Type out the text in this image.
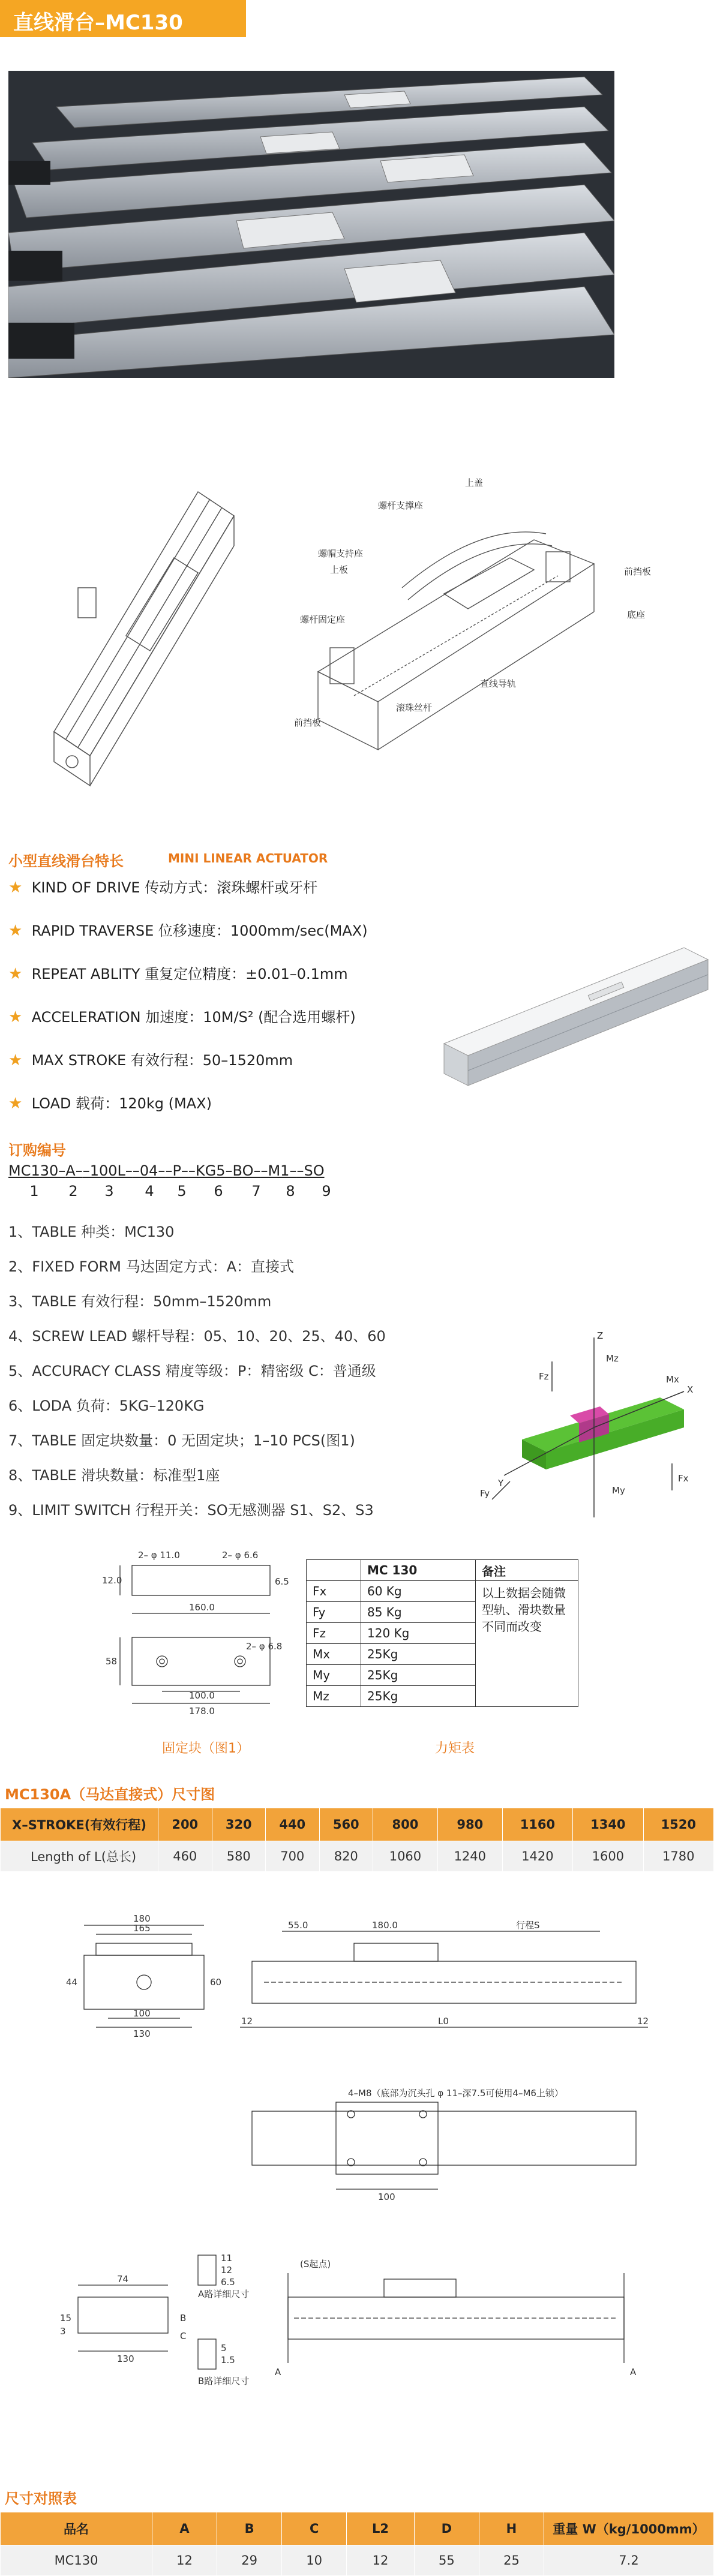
直线滑台–MC130
上盖
螺杆支撑座
螺帽支持座
上板	前挡板
底座
螺杆固定座
直线导轨
滚珠丝杆
前挡板
小型直线滑台特长	MINI LINEAR ACTUATOR
★ KIND OF DRIVE 传动方式：滚珠螺杆或牙杆
★ RAPID TRAVERSE 位移速度：1000mm/sec(MAX)
★ REPEAT ABLITY 重复定位精度：±0.01–0.1mm
★ ACCELERATION 加速度：10M/S² (配合选用螺杆)
★ MAX STROKE 有效行程：50–1520mm
★ LOAD 载荷：120kg (MAX)
订购编号
MC130–A––100L––04––P––KG5–BO––M1––SO
1 2 3 4 5 6 7 8 9
1、TABLE 种类：MC130
2、FIXED FORM 马达固定方式：A：直接式
3、TABLE 有效行程：50mm–1520mm
4、SCREW LEAD 螺杆导程：05、10、20、25、40、60
5、ACCURACY CLASS 精度等级：P：精密级 C：普通级
6、LODA 负荷：5KG–120KG
7、TABLE 固定块数量：0 无固定块；1–10 PCS(图1)
8、TABLE 滑块数量：标准型1座
9、LIMIT SWITCH 行程开关：SO无感测器 S1、S2、S3
Z
X
Y
Fz
Fx
Fy
Mx
My
Mz
2– φ 11.0	2– φ 6.6
160.0
6.5
12.0
58
100.0
178.0
2– φ 6.8
	MC 130	备注
Fx	60 Kg	以上数据会随微型轨、滑块数量不同而改变
Fy	85 Kg	
Fz	120 Kg	
Mx	25Kg	
My	25Kg	
Mz	25Kg	
固定块（图1）	力矩表
MC130A（马达直接式）尺寸图
X–STROKE(有效行程)	200	320	440	560	800	980	1160	1340	1520
Length of L(总长)	460	580	700	820	1060	1240	1420	1600	1780
180
165
130
100
44	60
55.0	180.0	行程S
12	L0	12
4–M8（底部为沉头孔 φ 11–深7.5可使用4–M6上锁）
100
11
12
6.5
A路详细尺寸
5
1.5
B路详细尺寸
(S起点)
74
130
15
3
A	A
B
C
尺寸对照表
品名	A	B	C	L2	D	H	重量 W（kg/1000mm）
MC130	12	29	10	12	55	25	7.2
